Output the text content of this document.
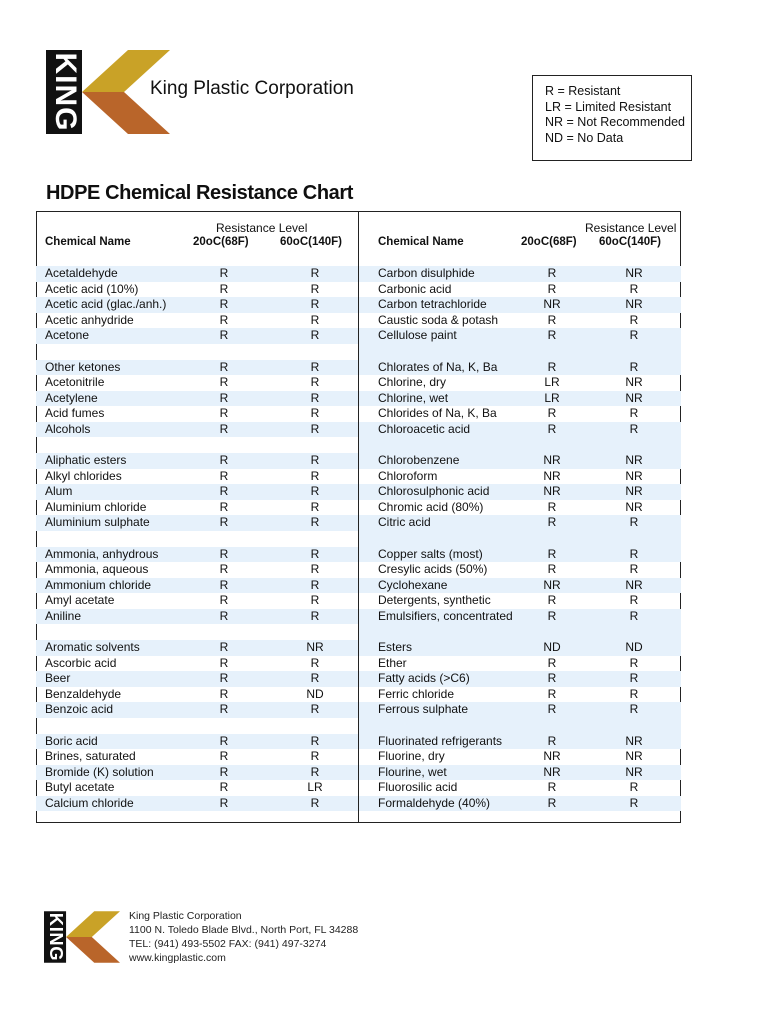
KING	King Plastic Corporation	R = Resistant
LR = Limited Resistant
NR = Not Recommended
ND = No Data
HDPE Chemical Resistance Chart
Resistance Level
Chemical Name	20oC(68F)	60oC(140F)
Acetaldehyde	R	R
Acetic acid (10%)	R	R
Acetic acid (glac./anh.)	R	R
Acetic anhydride	R	R
Acetone	R	R
Other ketones	R	R
Acetonitrile	R	R
Acetylene	R	R
Acid fumes	R	R
Alcohols	R	R
Aliphatic esters	R	R
Alkyl chlorides	R	R
Alum	R	R
Aluminium chloride	R	R
Aluminium sulphate	R	R
Ammonia, anhydrous	R	R
Ammonia, aqueous	R	R
Ammonium chloride	R	R
Amyl acetate	R	R
Aniline	R	R
Aromatic solvents	R	NR
Ascorbic acid	R	R
Beer	R	R
Benzaldehyde	R	ND
Benzoic acid	R	R
Boric acid	R	R
Brines, saturated	R	R
Bromide (K) solution	R	R
Butyl acetate	R	LR
Calcium chloride	R	R
Resistance Level
Chemical Name	20oC(68F) 60oC(140F)
Carbon disulphide	R	NR
Carbonic acid	R	R
Carbon tetrachloride	NR	NR
Caustic soda & potash	R	R
Cellulose paint	R	R
Chlorates of Na, K, Ba	R	R
Chlorine, dry	LR	NR
Chlorine, wet	LR	NR
Chlorides of Na, K, Ba	R	R
Chloroacetic acid	R	R
Chlorobenzene	NR	NR
Chloroform	NR	NR
Chlorosulphonic acid	NR	NR
Chromic acid (80%)	R	NR
Citric acid	R	R
Copper salts (most)	R	R
Cresylic acids (50%)	R	R
Cyclohexane	NR	NR
Detergents, synthetic	R	R
Emulsifiers, concentrated	R	R
Esters	ND	ND
Ether	R	R
Fatty acids (>C6)	R	R
Ferric chloride	R	R
Ferrous sulphate	R	R
Fluorinated refrigerants	R	NR
Fluorine, dry	NR	NR
Flourine, wet	NR	NR
Fluorosilic acid	R	R
Formaldehyde (40%)	R	R
KING	King Plastic Corporation
1100 N. Toledo Blade Blvd., North Port, FL 34288
TEL: (941) 493-5502 FAX: (941) 497-3274
www.kingplastic.com
